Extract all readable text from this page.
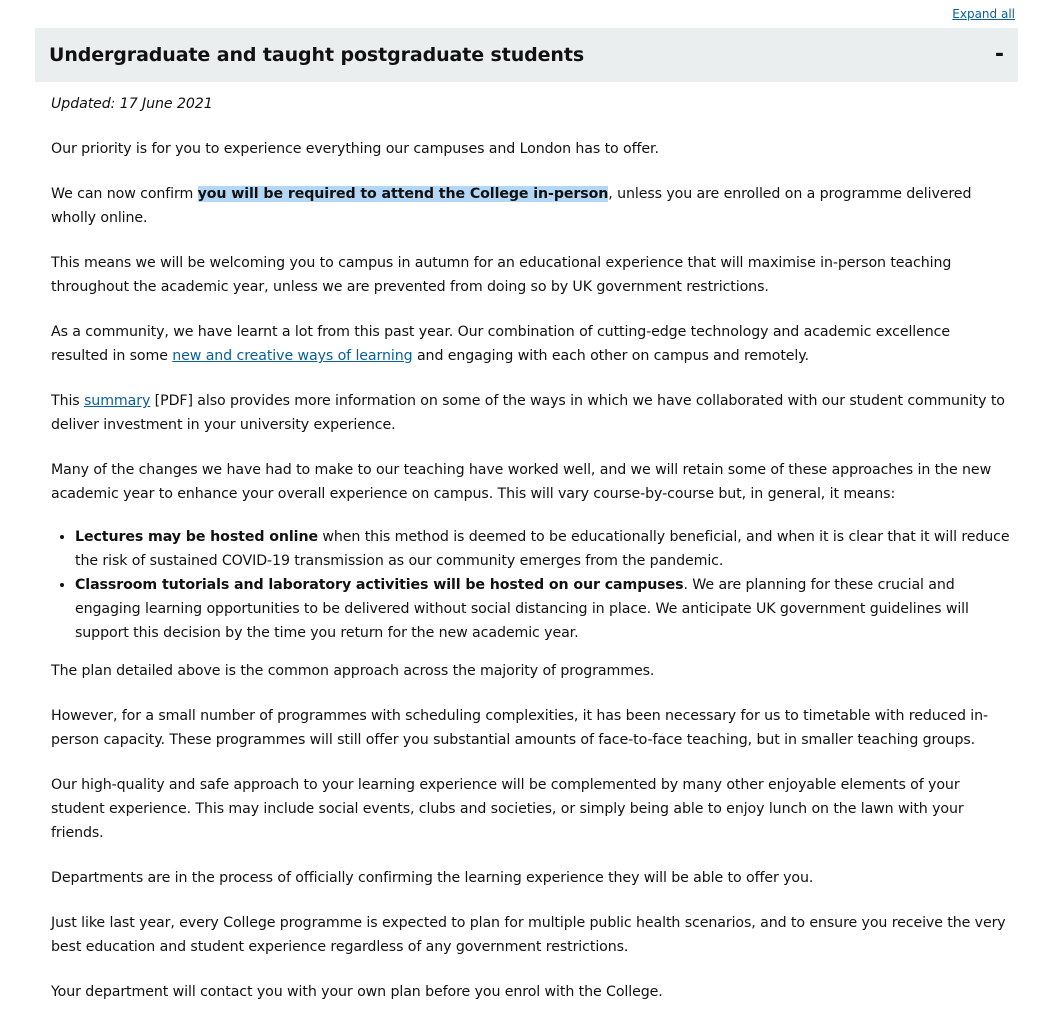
Expand all
Undergraduate and taught postgraduate students	-

Updated: 17 June 2021

Our priority is for you to experience everything our campuses and London has to offer.

We can now confirm you will be required to attend the College in-person, unless you are enrolled on a programme delivered wholly online.

This means we will be welcoming you to campus in autumn for an educational experience that will maximise in-person teaching throughout the academic year, unless we are prevented from doing so by UK government restrictions.

As a community, we have learnt a lot from this past year. Our combination of cutting-edge technology and academic excellence resulted in some new and creative ways of learning and engaging with each other on campus and remotely.

This summary [PDF] also provides more information on some of the ways in which we have collaborated with our student community to deliver investment in your university experience.

Many of the changes we have had to make to our teaching have worked well, and we will retain some of these approaches in the new academic year to enhance your overall experience on campus. This will vary course-by-course but, in general, it means:

• Lectures may be hosted online when this method is deemed to be educationally beneficial, and when it is clear that it will reduce the risk of sustained COVID-19 transmission as our community emerges from the pandemic.
• Classroom tutorials and laboratory activities will be hosted on our campuses. We are planning for these crucial and engaging learning opportunities to be delivered without social distancing in place. We anticipate UK government guidelines will support this decision by the time you return for the new academic year.

The plan detailed above is the common approach across the majority of programmes.

However, for a small number of programmes with scheduling complexities, it has been necessary for us to timetable with reduced in-person capacity. These programmes will still offer you substantial amounts of face-to-face teaching, but in smaller teaching groups.

Our high-quality and safe approach to your learning experience will be complemented by many other enjoyable elements of your student experience. This may include social events, clubs and societies, or simply being able to enjoy lunch on the lawn with your friends.

Departments are in the process of officially confirming the learning experience they will be able to offer you.

Just like last year, every College programme is expected to plan for multiple public health scenarios, and to ensure you receive the very best education and student experience regardless of any government restrictions.

Your department will contact you with your own plan before you enrol with the College.
